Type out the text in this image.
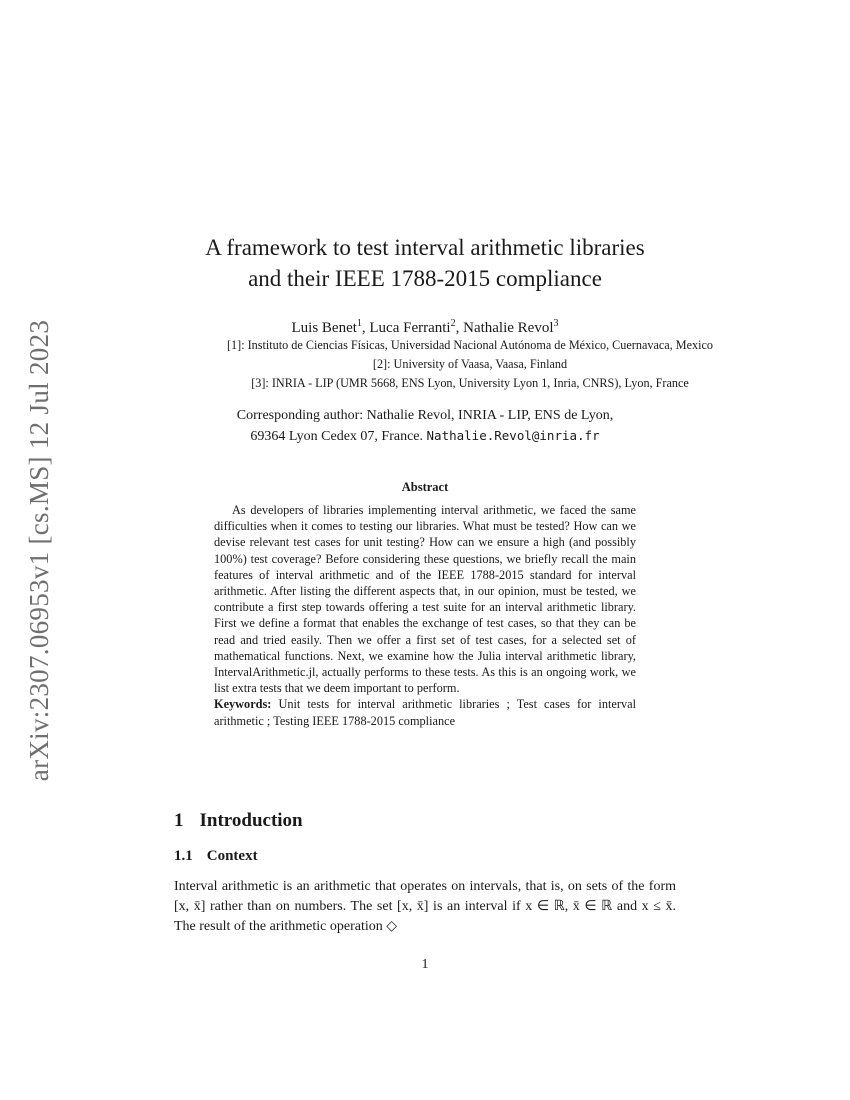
arXiv:2307.06953v1 [cs.MS] 12 Jul 2023
A framework to test interval arithmetic libraries
and their IEEE 1788-2015 compliance
Luis Benet$^1$, Luca Ferranti$^2$, Nathalie Revol$^3$
[1]: Instituto de Ciencias Físicas, Universidad Nacional Autónoma de México, Cuernavaca, Mexico
[2]: University of Vaasa, Vaasa, Finland
[3]: INRIA - LIP (UMR 5668, ENS Lyon, University Lyon 1, Inria, CNRS), Lyon, France
Corresponding author: Nathalie Revol, INRIA - LIP, ENS de Lyon,
69364 Lyon Cedex 07, France. Nathalie.Revol@inria.fr
Abstract
As developers of libraries implementing interval arithmetic, we faced the same difficulties when it comes to testing our libraries. What must be tested? How can we devise relevant test cases for unit testing? How can we ensure a high (and possibly 100%) test coverage? Before considering these questions, we briefly recall the main features of interval arithmetic and of the IEEE 1788-2015 standard for interval arithmetic. After listing the different aspects that, in our opinion, must be tested, we contribute a first step towards offering a test suite for an interval arithmetic library. First we define a format that enables the exchange of test cases, so that they can be read and tried easily. Then we offer a first set of test cases, for a selected set of mathematical functions. Next, we examine how the Julia interval arithmetic library, IntervalArithmetic.jl, actually performs to these tests. As this is an ongoing work, we list extra tests that we deem important to perform.
Keywords: Unit tests for interval arithmetic libraries ; Test cases for interval arithmetic ; Testing IEEE 1788-2015 compliance
1 Introduction
1.1 Context
Interval arithmetic is an arithmetic that operates on intervals, that is, on sets of the form [x, x̄] rather than on numbers. The set [x, x̄] is an interval if x ∈ ℝ, x̄ ∈ ℝ and x ≤ x̄. The result of the arithmetic operation ◇
1
